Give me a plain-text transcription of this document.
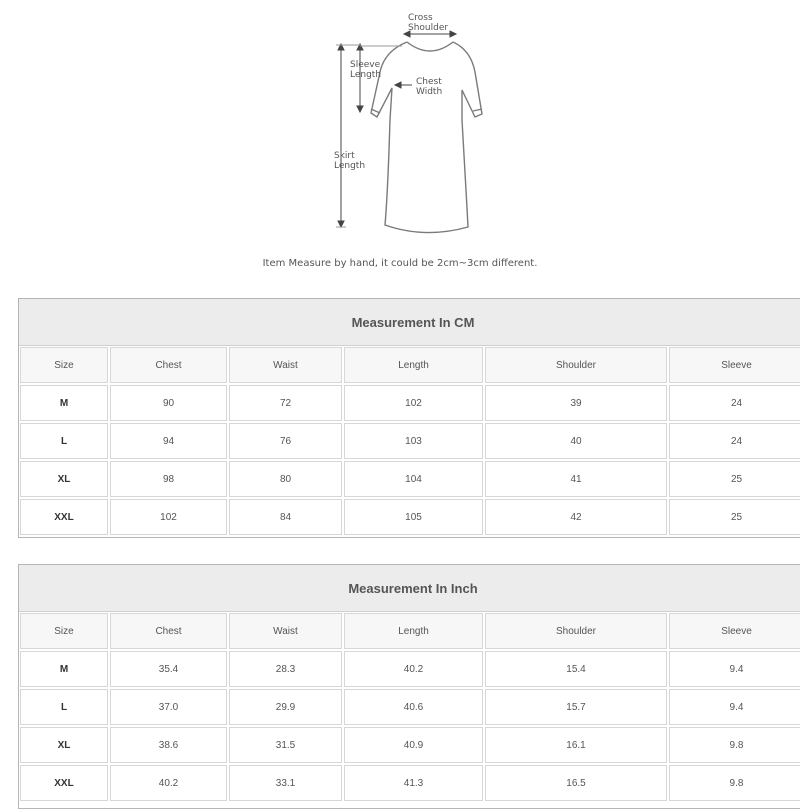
Cross
Shoulder
Sleeve
Length
Chest
Width
Skirt
Length
Item Measure by hand, it could be 2cm~3cm different.
Measurement In CM
Size	Chest	Waist	Length	Shoulder	Sleeve
M	90	72	102	39	24
L	94	76	103	40	24
XL	98	80	104	41	25
XXL	102	84	105	42	25
Measurement In Inch
Size	Chest	Waist	Length	Shoulder	Sleeve
M	35.4	28.3	40.2	15.4	9.4
L	37.0	29.9	40.6	15.7	9.4
XL	38.6	31.5	40.9	16.1	9.8
XXL	40.2	33.1	41.3	16.5	9.8
